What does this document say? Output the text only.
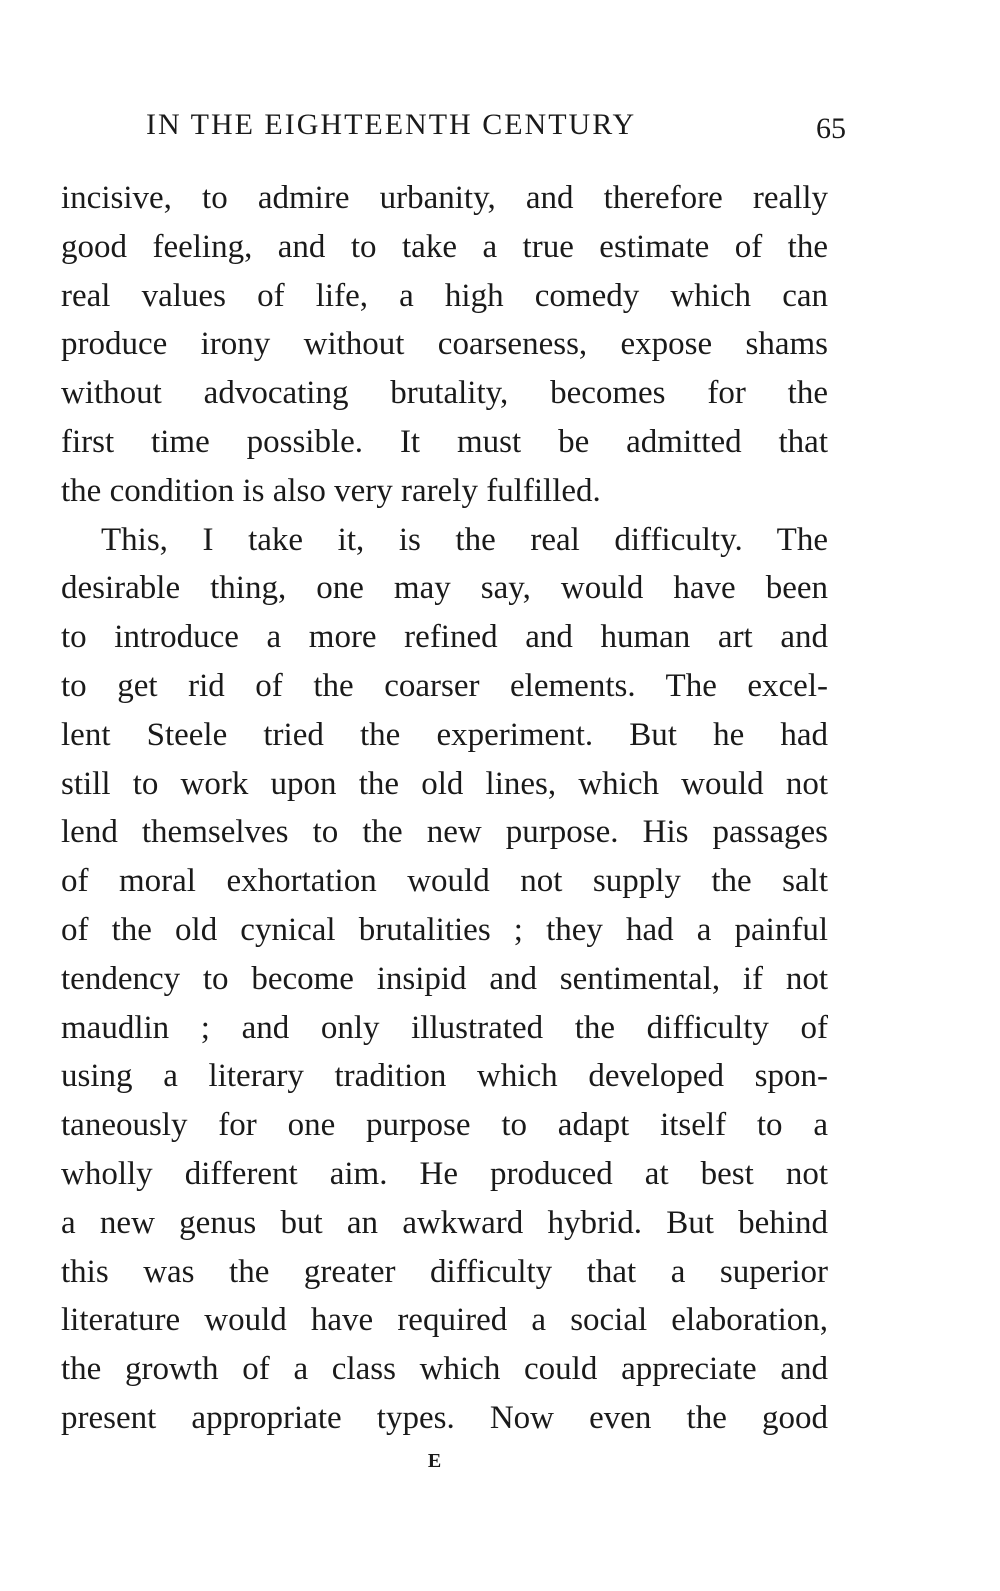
IN THE EIGHTEENTH CENTURY	65
incisive, to admire urbanity, and therefore really
good feeling, and to take a true estimate of the
real values of life, a high comedy which can
produce irony without coarseness, expose shams
without advocating brutality, becomes for the
first time possible. It must be admitted that
the condition is also very rarely fulfilled.
This, I take it, is the real difficulty. The
desirable thing, one may say, would have been
to introduce a more refined and human art and
to get rid of the coarser elements. The excel-
lent Steele tried the experiment. But he had
still to work upon the old lines, which would not
lend themselves to the new purpose. His passages
of moral exhortation would not supply the salt
of the old cynical brutalities ; they had a painful
tendency to become insipid and sentimental, if not
maudlin ; and only illustrated the difficulty of
using a literary tradition which developed spon-
taneously for one purpose to adapt itself to a
wholly different aim. He produced at best not
a new genus but an awkward hybrid. But behind
this was the greater difficulty that a superior
literature would have required a social elaboration,
the growth of a class which could appreciate and
present appropriate types. Now even the good
E
